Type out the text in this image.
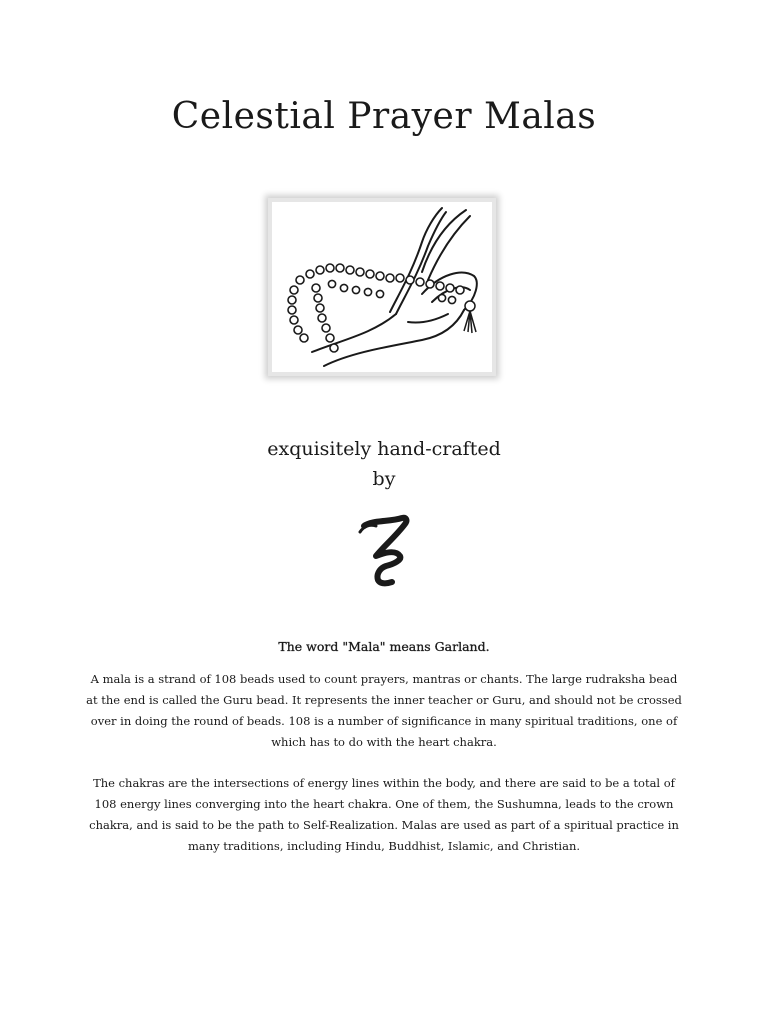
Celestial Prayer Malas
exquisitely hand-crafted
by

The word "Mala" means Garland.

A mala is a strand of 108 beads used to count prayers, mantras or chants. The large rudraksha bead at the end is called the Guru bead. It represents the inner teacher or Guru, and should not be crossed over in doing the round of beads. 108 is a number of significance in many spiritual traditions, one of which has to do with the heart chakra.

The chakras are the intersections of energy lines within the body, and there are said to be a total of 108 energy lines converging into the heart chakra. One of them, the Sushumna, leads to the crown chakra, and is said to be the path to Self-Realization. Malas are used as part of a spiritual practice in many traditions, including Hindu, Buddhist, Islamic, and Christian.
